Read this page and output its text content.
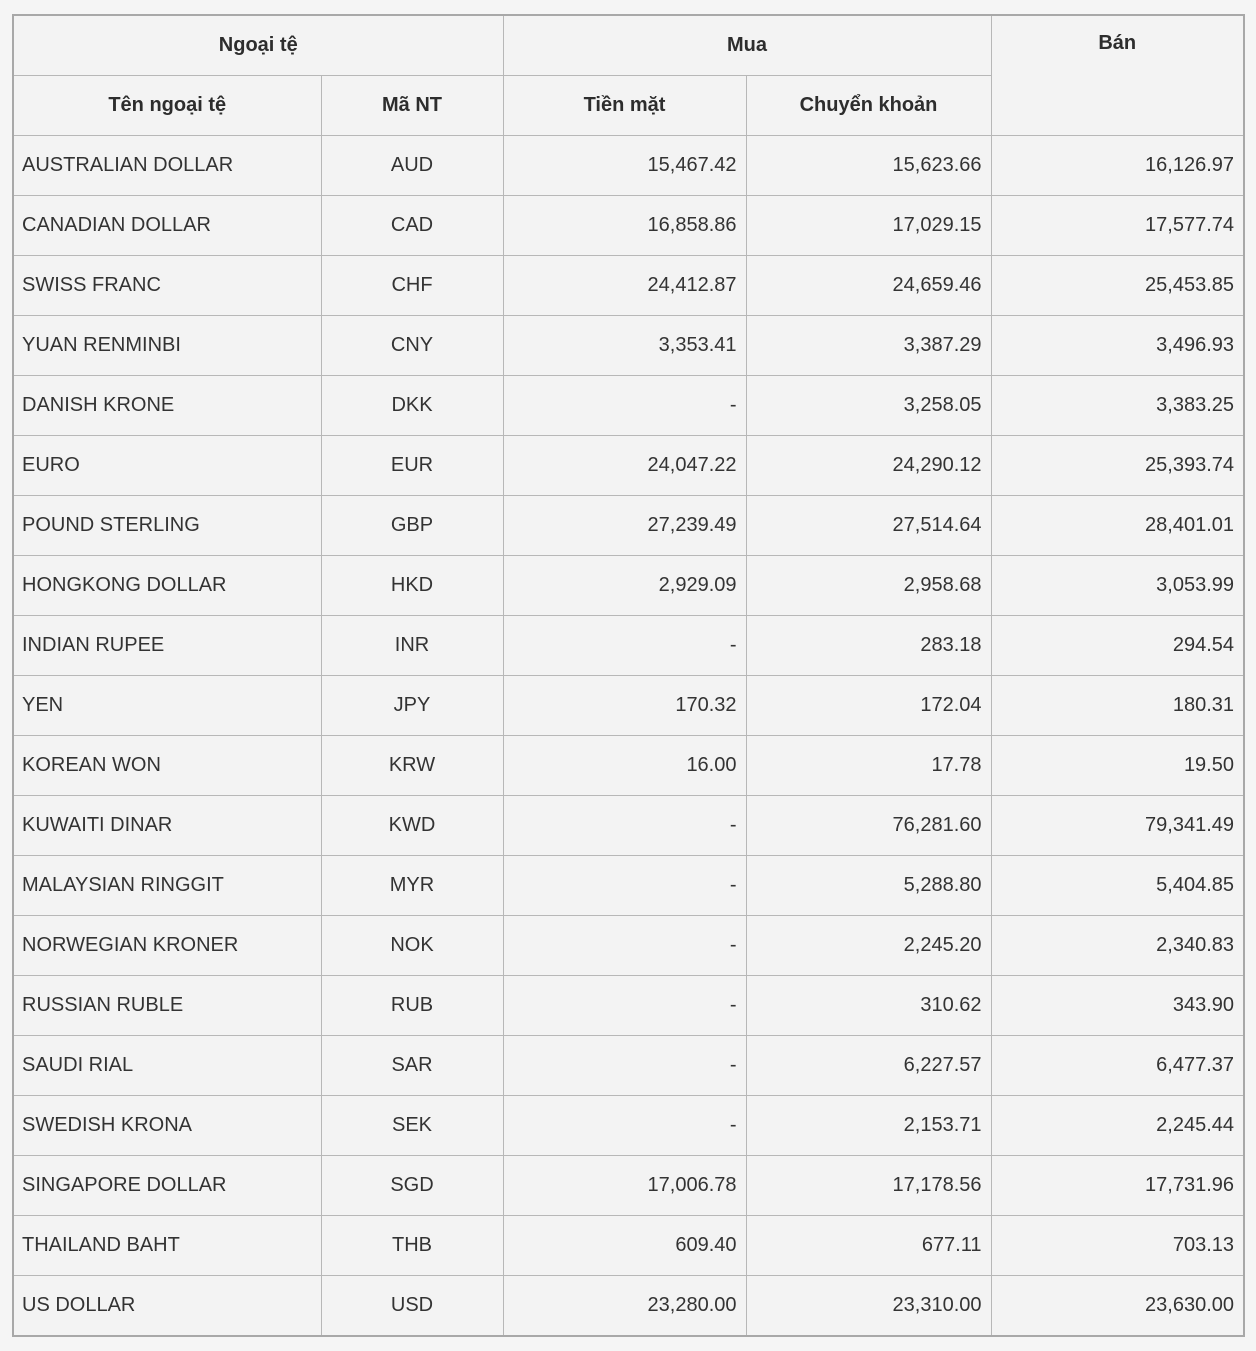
Ngoại tệ		Mua		Bán
Tên ngoại tệ	Mã NT	Tiền mặt	Chuyển khoản	
AUSTRALIAN DOLLAR	AUD	15,467.42	15,623.66	16,126.97
CANADIAN DOLLAR	CAD	16,858.86	17,029.15	17,577.74
SWISS FRANC	CHF	24,412.87	24,659.46	25,453.85
YUAN RENMINBI	CNY	3,353.41	3,387.29	3,496.93
DANISH KRONE	DKK	-	3,258.05	3,383.25
EURO	EUR	24,047.22	24,290.12	25,393.74
POUND STERLING	GBP	27,239.49	27,514.64	28,401.01
HONGKONG DOLLAR	HKD	2,929.09	2,958.68	3,053.99
INDIAN RUPEE	INR	-	283.18	294.54
YEN	JPY	170.32	172.04	180.31
KOREAN WON	KRW	16.00	17.78	19.50
KUWAITI DINAR	KWD	-	76,281.60	79,341.49
MALAYSIAN RINGGIT	MYR	-	5,288.80	5,404.85
NORWEGIAN KRONER	NOK	-	2,245.20	2,340.83
RUSSIAN RUBLE	RUB	-	310.62	343.90
SAUDI RIAL	SAR	-	6,227.57	6,477.37
SWEDISH KRONA	SEK	-	2,153.71	2,245.44
SINGAPORE DOLLAR	SGD	17,006.78	17,178.56	17,731.96
THAILAND BAHT	THB	609.40	677.11	703.13
US DOLLAR	USD	23,280.00	23,310.00	23,630.00
